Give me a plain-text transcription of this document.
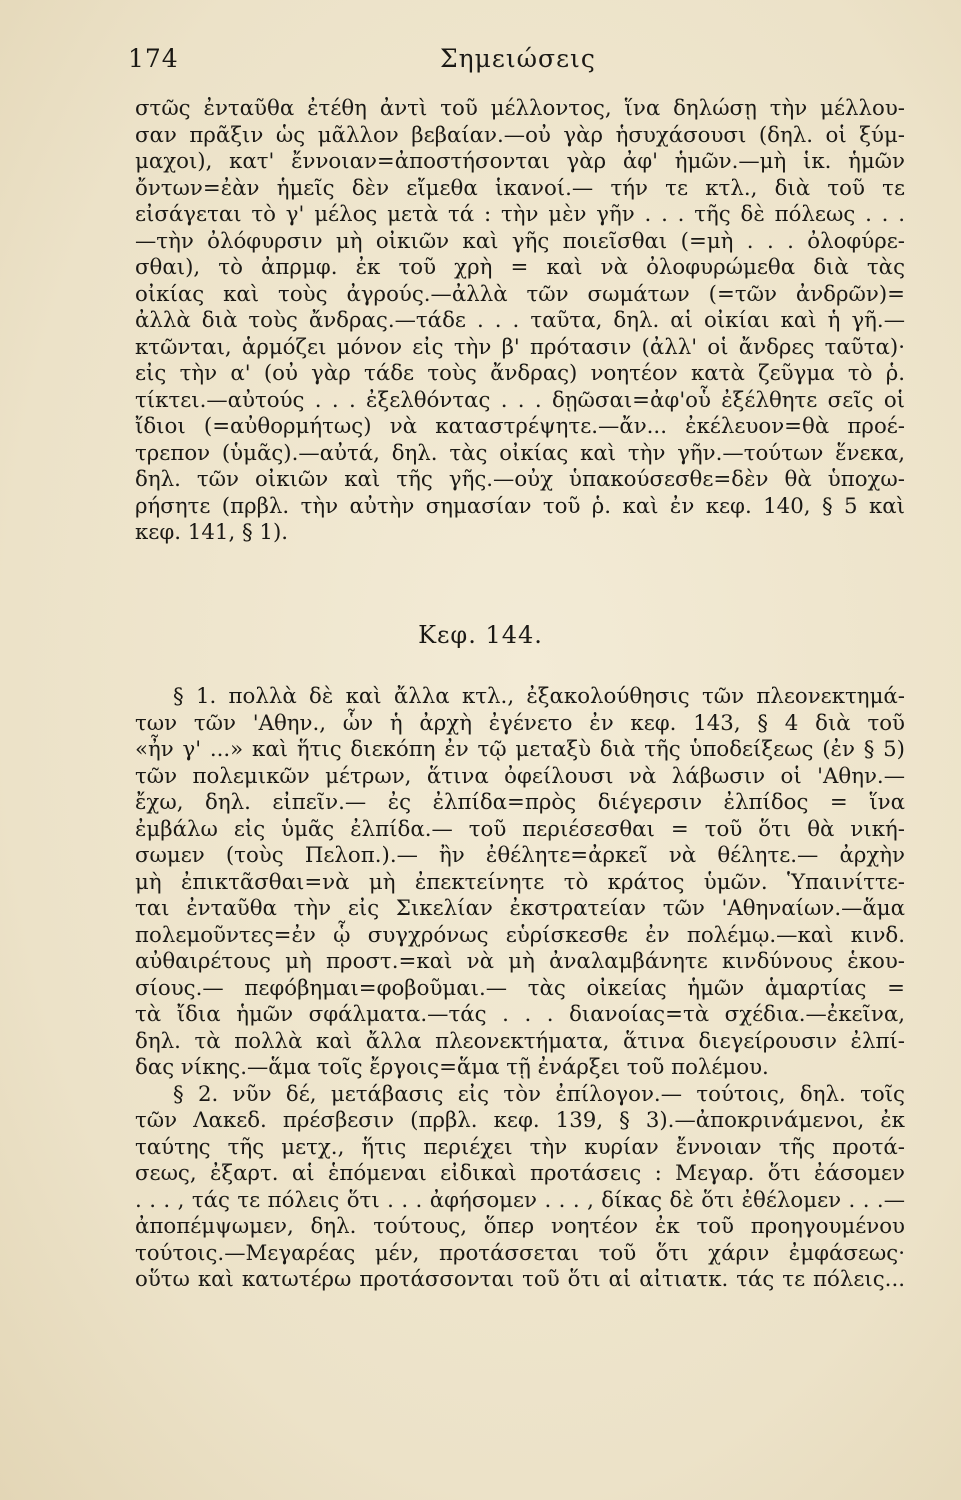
174	Σημειώσεις
στῶς ἐνταῦθα ἐτέθη ἀντὶ τοῦ μέλλοντος, ἵνα δηλώσῃ τὴν μέλλου-
σαν πρᾶξιν ὡς μᾶλλον βεβαίαν.—οὐ γὰρ ἡσυχάσουσι (δηλ. οἱ ξύμ-
μαχοι), κατ' ἔννοιαν=ἀποστήσονται γὰρ ἀφ' ἡμῶν.—μὴ ἱκ. ἡμῶν
ὄντων=ἐὰν ἡμεῖς δὲν εἴμεθα ἱκανοί.— τήν τε κτλ., διὰ τοῦ τε
εἰσάγεται τὸ γ' μέλος μετὰ τά : τὴν μὲν γῆν . . . τῆς δὲ πόλεως . . .
—τὴν ὀλόφυρσιν μὴ οἰκιῶν καὶ γῆς ποιεῖσθαι (=μὴ . . . ὀλοφύρε-
σθαι), τὸ ἀπρμφ. ἐκ τοῦ χρὴ = καὶ νὰ ὀλοφυρώμεθα διὰ τὰς
οἰκίας καὶ τοὺς ἀγρούς.—ἀλλὰ τῶν σωμάτων (=τῶν ἀνδρῶν)=
ἀλλὰ διὰ τοὺς ἄνδρας.—τάδε . . . ταῦτα, δηλ. αἱ οἰκίαι καὶ ἡ γῆ.—
κτῶνται, ἁρμόζει μόνον εἰς τὴν β' πρότασιν (ἀλλ' οἱ ἄνδρες ταῦτα)·
εἰς τὴν α' (οὐ γὰρ τάδε τοὺς ἄνδρας) νοητέον κατὰ ζεῦγμα τὸ ῥ.
τίκτει.—αὐτούς . . . ἐξελθόντας . . . δῃῶσαι=ἀφ'οὗ ἐξέλθητε σεῖς οἱ
ἴδιοι (=αὐθορμήτως) νὰ καταστρέψητε.—ἄν... ἐκέλευον=θὰ προέ-
τρεπον (ὑμᾶς).—αὐτά, δηλ. τὰς οἰκίας καὶ τὴν γῆν.—τούτων ἕνεκα,
δηλ. τῶν οἰκιῶν καὶ τῆς γῆς.—οὐχ ὑπακούσεσθε=δὲν θὰ ὑποχω-
ρήσητε (πρβλ. τὴν αὐτὴν σημασίαν τοῦ ῥ. καὶ ἐν κεφ. 140, § 5 καὶ
κεφ. 141, § 1).
Κεφ. 144.
§ 1. πολλὰ δὲ καὶ ἄλλα κτλ., ἐξακολούθησις τῶν πλεονεκτημά-
των τῶν 'Αθην., ὧν ἡ ἀρχὴ ἐγένετο ἐν κεφ. 143, § 4 διὰ τοῦ
«ἦν γ' ...» καὶ ἥτις διεκόπη ἐν τῷ μεταξὺ διὰ τῆς ὑποδείξεως (ἐν § 5)
τῶν πολεμικῶν μέτρων, ἅτινα ὀφείλουσι νὰ λάβωσιν οἱ 'Αθην.—
ἔχω, δηλ. εἰπεῖν.— ἐς ἐλπίδα=πρὸς διέγερσιν ἐλπίδος = ἵνα
ἐμβάλω εἰς ὑμᾶς ἐλπίδα.— τοῦ περιέσεσθαι = τοῦ ὅτι θὰ νική-
σωμεν (τοὺς Πελοπ.).— ἢν ἐθέλητε=ἀρκεῖ νὰ θέλητε.— ἀρχὴν
μὴ ἐπικτᾶσθαι=νὰ μὴ ἐπεκτείνητε τὸ κράτος ὑμῶν. Ὑπαινίττε-
ται ἐνταῦθα τὴν εἰς Σικελίαν ἐκστρατείαν τῶν 'Αθηναίων.—ἅμα
πολεμοῦντες=ἐν ᾧ συγχρόνως εὑρίσκεσθε ἐν πολέμῳ.—καὶ κινδ.
αὐθαιρέτους μὴ προστ.=καὶ νὰ μὴ ἀναλαμβάνητε κινδύνους ἑκου-
σίους.— πεφόβημαι=φοβοῦμαι.— τὰς οἰκείας ἡμῶν ἁμαρτίας =
τὰ ἴδια ἡμῶν σφάλματα.—τάς . . . διανοίας=τὰ σχέδια.—ἐκεῖνα,
δηλ. τὰ πολλὰ καὶ ἄλλα πλεονεκτήματα, ἅτινα διεγείρουσιν ἐλπί-
δας νίκης.—ἅμα τοῖς ἔργοις=ἅμα τῇ ἐνάρξει τοῦ πολέμου.
§ 2. νῦν δέ, μετάβασις εἰς τὸν ἐπίλογον.— τούτοις, δηλ. τοῖς
τῶν Λακεδ. πρέσβεσιν (πρβλ. κεφ. 139, § 3).—ἀποκρινάμενοι, ἐκ
ταύτης τῆς μετχ., ἥτις περιέχει τὴν κυρίαν ἔννοιαν τῆς προτά-
σεως, ἐξαρτ. αἱ ἑπόμεναι εἰδικαὶ προτάσεις : Μεγαρ. ὅτι ἐάσομεν
. . . , τάς τε πόλεις ὅτι . . . ἀφήσομεν . . . , δίκας δὲ ὅτι ἐθέλομεν . . .—
ἀποπέμψωμεν, δηλ. τούτους, ὅπερ νοητέον ἐκ τοῦ προηγουμένου
τούτοις.—Μεγαρέας μέν, προτάσσεται τοῦ ὅτι χάριν ἐμφάσεως·
οὕτω καὶ κατωτέρω προτάσσονται τοῦ ὅτι αἱ αἰτιατκ. τάς τε πόλεις...
